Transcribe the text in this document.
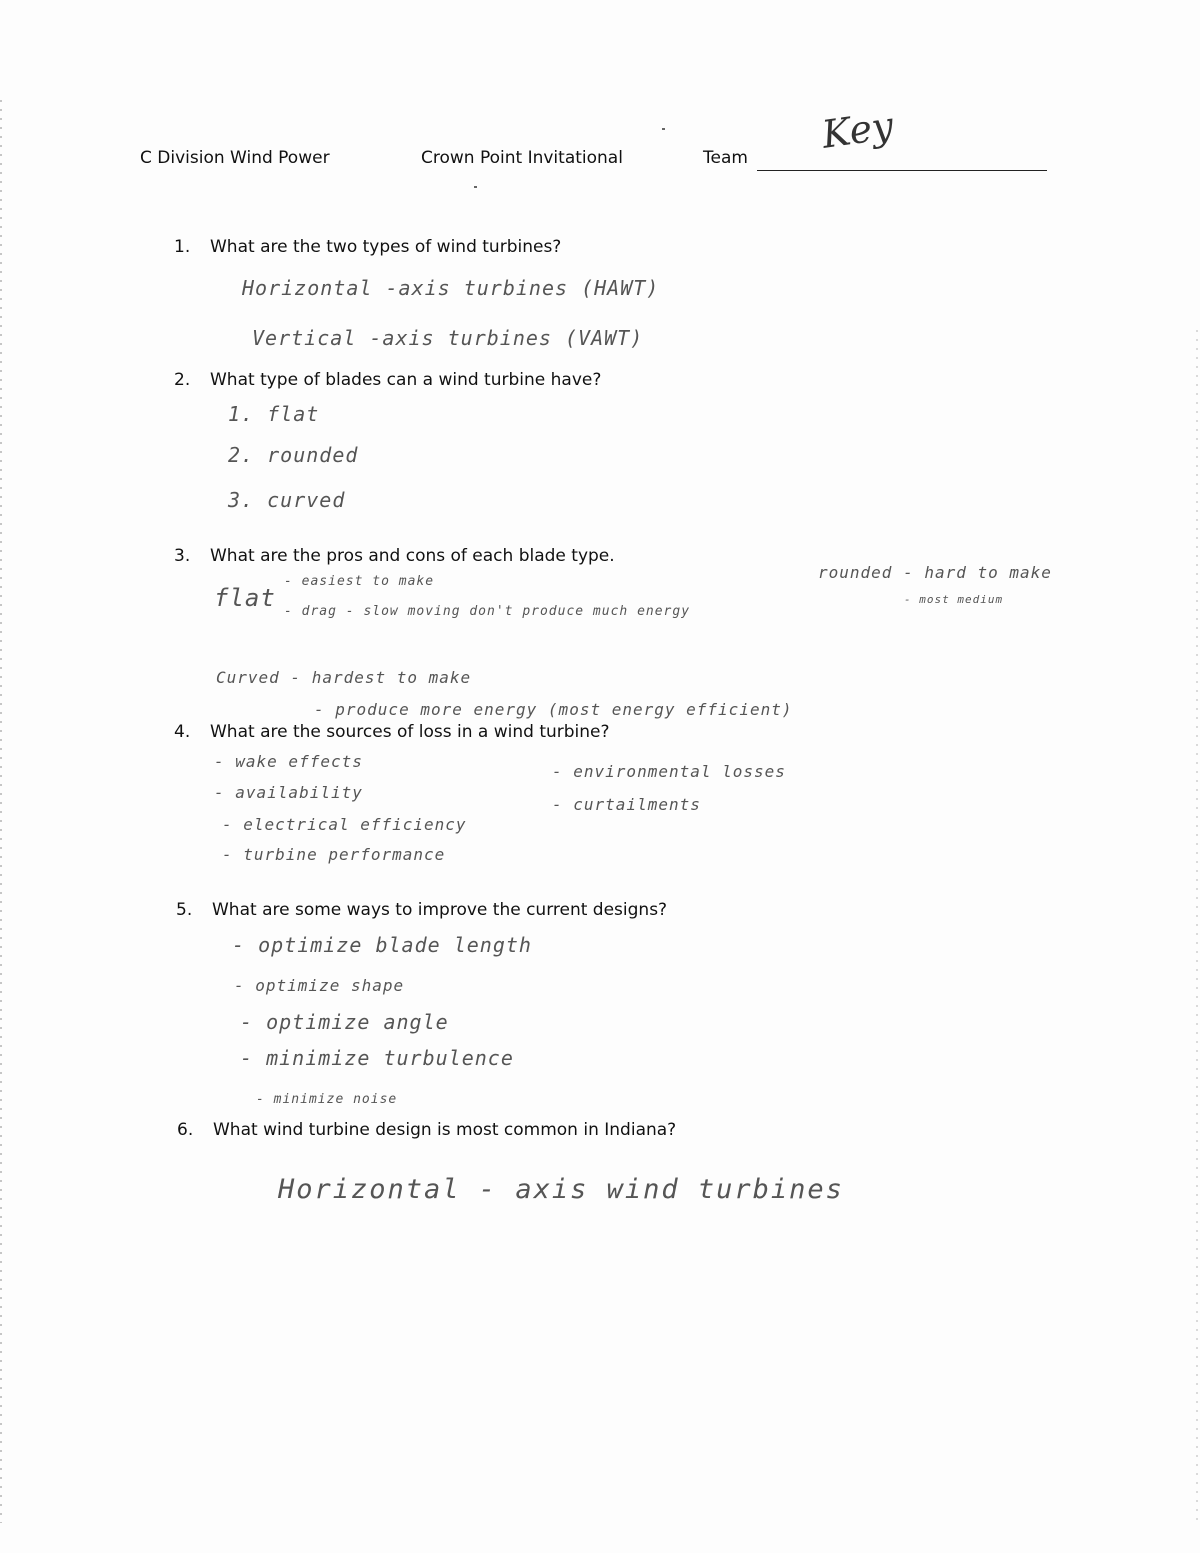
C Division Wind Power	Crown Point Invitational	Team
Key
1. What are the two types of wind turbines?
Horizontal -axis turbines (HAWT)
Vertical -axis turbines (VAWT)
2. What type of blades can a wind turbine have?
1. flat
2. rounded
3. curved
3. What are the pros and cons of each blade type.
flat
- easiest to make
- drag - slow moving don't produce much energy
rounded - hard to make
- most medium
Curved - hardest to make
- produce more energy (most energy efficient)
4. What are the sources of loss in a wind turbine?
- wake effects
- availability
- electrical efficiency
- turbine performance
- environmental losses
- curtailments
5. What are some ways to improve the current designs?
- optimize blade length
- optimize shape
- optimize angle
- minimize turbulence
- minimize noise
6. What wind turbine design is most common in Indiana?
Horizontal - axis wind turbines
